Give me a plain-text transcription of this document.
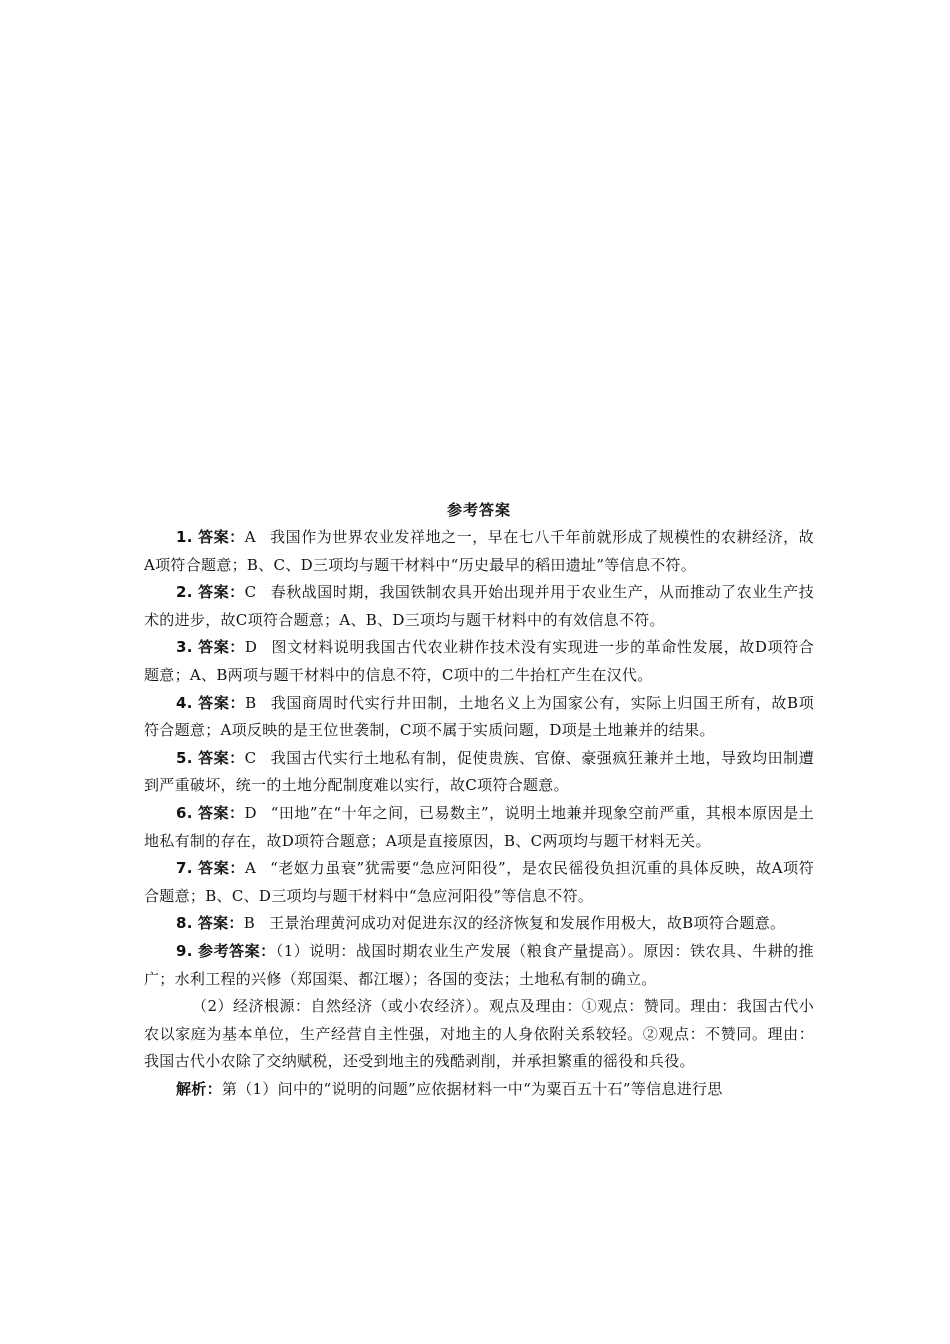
参考答案

1. 答案：A 我国作为世界农业发祥地之一，早在七八千年前就形成了规模性的农耕经济，故A项符合题意；B、C、D三项均与题干材料中“历史最早的稻田遗址”等信息不符。

2. 答案：C 春秋战国时期，我国铁制农具开始出现并用于农业生产，从而推动了农业生产技术的进步，故C项符合题意；A、B、D三项均与题干材料中的有效信息不符。

3. 答案：D 图文材料说明我国古代农业耕作技术没有实现进一步的革命性发展，故D项符合题意；A、B两项与题干材料中的信息不符，C项中的二牛抬杠产生在汉代。

4. 答案：B 我国商周时代实行井田制，土地名义上为国家公有，实际上归国王所有，故B项符合题意；A项反映的是王位世袭制，C项不属于实质问题，D项是土地兼并的结果。

5. 答案：C 我国古代实行土地私有制，促使贵族、官僚、豪强疯狂兼并土地，导致均田制遭到严重破坏，统一的土地分配制度难以实行，故C项符合题意。

6. 答案：D “田地”在“十年之间，已易数主”，说明土地兼并现象空前严重，其根本原因是土地私有制的存在，故D项符合题意；A项是直接原因，B、C两项均与题干材料无关。

7. 答案：A “老妪力虽衰”犹需要“急应河阳役”，是农民徭役负担沉重的具体反映，故A项符合题意；B、C、D三项均与题干材料中“急应河阳役”等信息不符。

8. 答案：B 王景治理黄河成功对促进东汉的经济恢复和发展作用极大，故B项符合题意。

9. 参考答案：（1）说明：战国时期农业生产发展（粮食产量提高）。原因：铁农具、牛耕的推广；水利工程的兴修（郑国渠、都江堰）；各国的变法；土地私有制的确立。

（2）经济根源：自然经济（或小农经济）。观点及理由：①观点：赞同。理由：我国古代小农以家庭为基本单位，生产经营自主性强，对地主的人身依附关系较轻。②观点：不赞同。理由：我国古代小农除了交纳赋税，还受到地主的残酷剥削，并承担繁重的徭役和兵役。

解析：第（1）问中的“说明的问题”应依据材料一中“为粟百五十石”等信息进行思
